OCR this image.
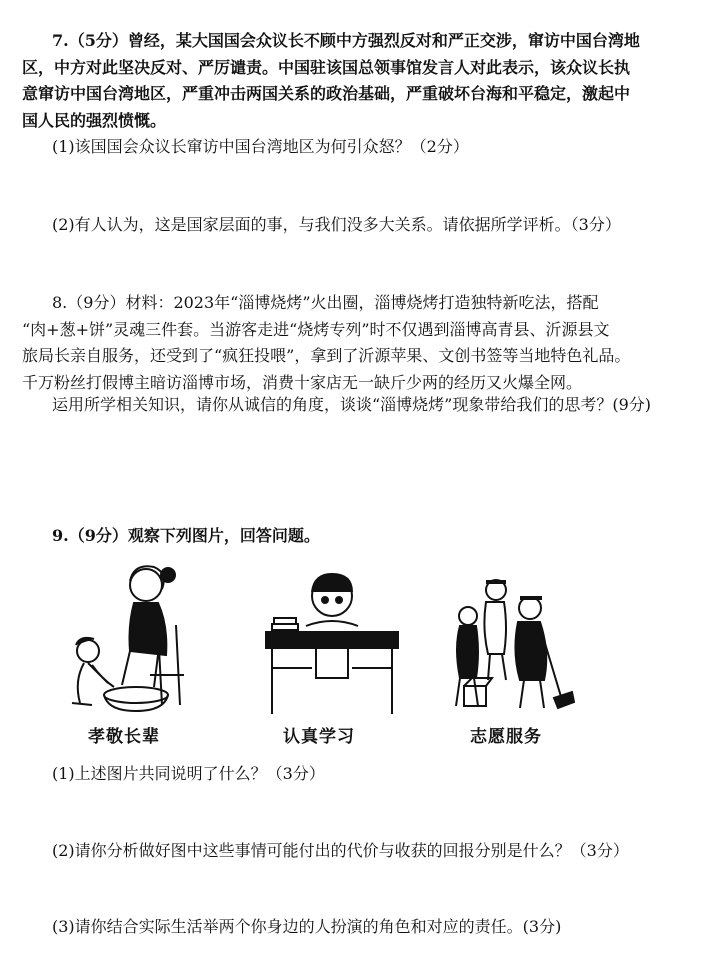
7.（5分）曾经，某大国国会众议长不顾中方强烈反对和严正交涉，窜访中国台湾地
区，中方对此坚决反对、严厉谴责。中国驻该国总领事馆发言人对此表示，该众议长执
意窜访中国台湾地区，严重冲击两国关系的政治基础，严重破坏台海和平稳定，激起中
国人民的强烈愤慨。
(1)该国国会众议长窜访中国台湾地区为何引众怒？（2分）
(2)有人认为，这是国家层面的事，与我们没多大关系。请依据所学评析。（3分）
8.（9分）材料：2023年“淄博烧烤”火出圈，淄博烧烤打造独特新吃法，搭配
“肉+葱+饼”灵魂三件套。当游客走进“烧烤专列”时不仅遇到淄博高青县、沂源县文
旅局长亲自服务，还受到了“疯狂投喂”，拿到了沂源苹果、文创书签等当地特色礼品。
千万粉丝打假博主暗访淄博市场，消费十家店无一缺斤少两的经历又火爆全网。
运用所学相关知识，请你从诚信的角度，谈谈“淄博烧烤”现象带给我们的思考？(9分)
9.（9分）观察下列图片，回答问题。
孝敬长辈	认真学习	志愿服务
(1)上述图片共同说明了什么？（3分）
(2)请你分析做好图中这些事情可能付出的代价与收获的回报分别是什么？（3分）
(3)请你结合实际生活举两个你身边的人扮演的角色和对应的责任。(3分)
